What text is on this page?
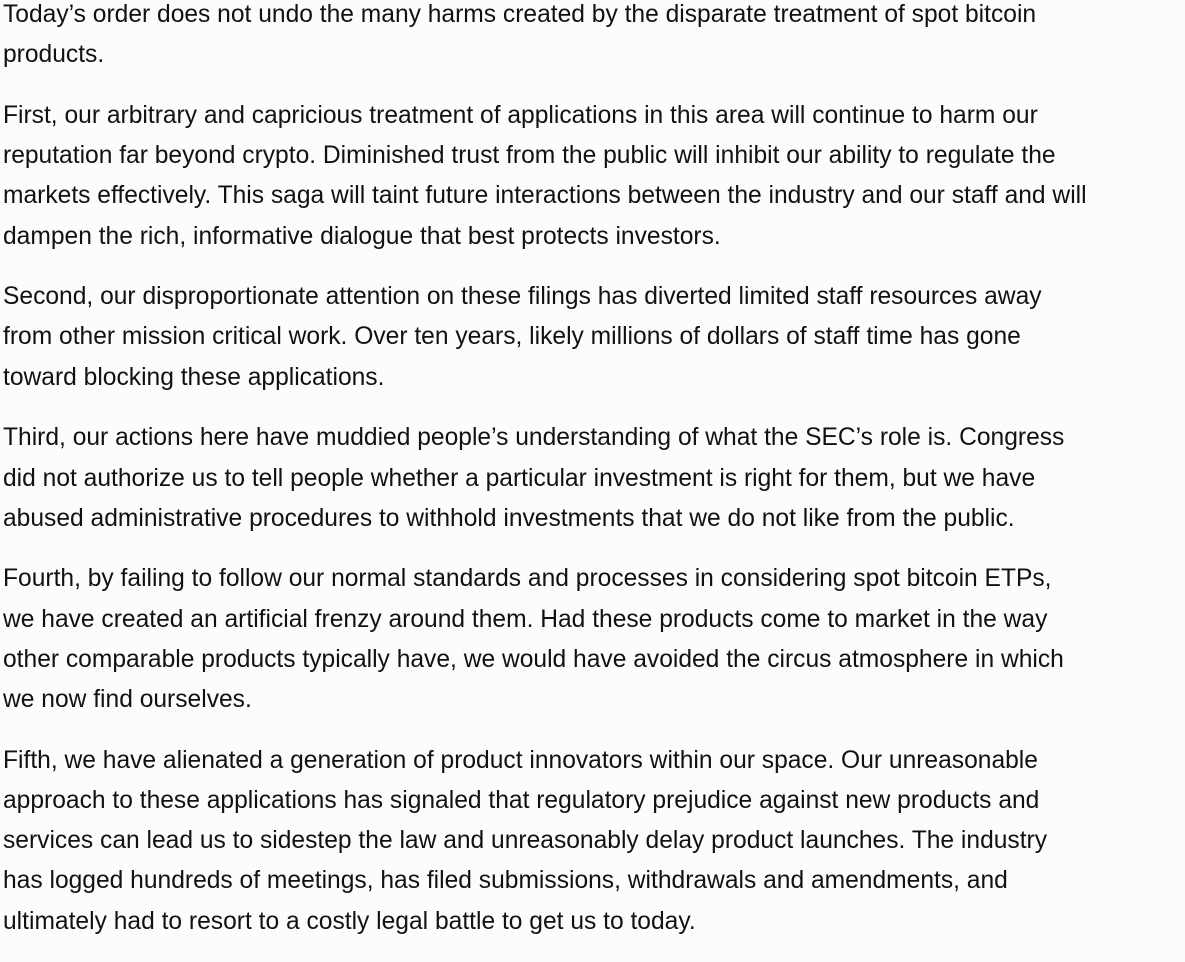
Today’s order does not undo the many harms created by the disparate treatment of spot bitcoin
products.

First, our arbitrary and capricious treatment of applications in this area will continue to harm our
reputation far beyond crypto. Diminished trust from the public will inhibit our ability to regulate the
markets effectively. This saga will taint future interactions between the industry and our staff and will
dampen the rich, informative dialogue that best protects investors.

Second, our disproportionate attention on these filings has diverted limited staff resources away
from other mission critical work. Over ten years, likely millions of dollars of staff time has gone
toward blocking these applications.

Third, our actions here have muddied people’s understanding of what the SEC’s role is. Congress
did not authorize us to tell people whether a particular investment is right for them, but we have
abused administrative procedures to withhold investments that we do not like from the public.

Fourth, by failing to follow our normal standards and processes in considering spot bitcoin ETPs,
we have created an artificial frenzy around them. Had these products come to market in the way
other comparable products typically have, we would have avoided the circus atmosphere in which
we now find ourselves.

Fifth, we have alienated a generation of product innovators within our space. Our unreasonable
approach to these applications has signaled that regulatory prejudice against new products and
services can lead us to sidestep the law and unreasonably delay product launches. The industry
has logged hundreds of meetings, has filed submissions, withdrawals and amendments, and
ultimately had to resort to a costly legal battle to get us to today.
